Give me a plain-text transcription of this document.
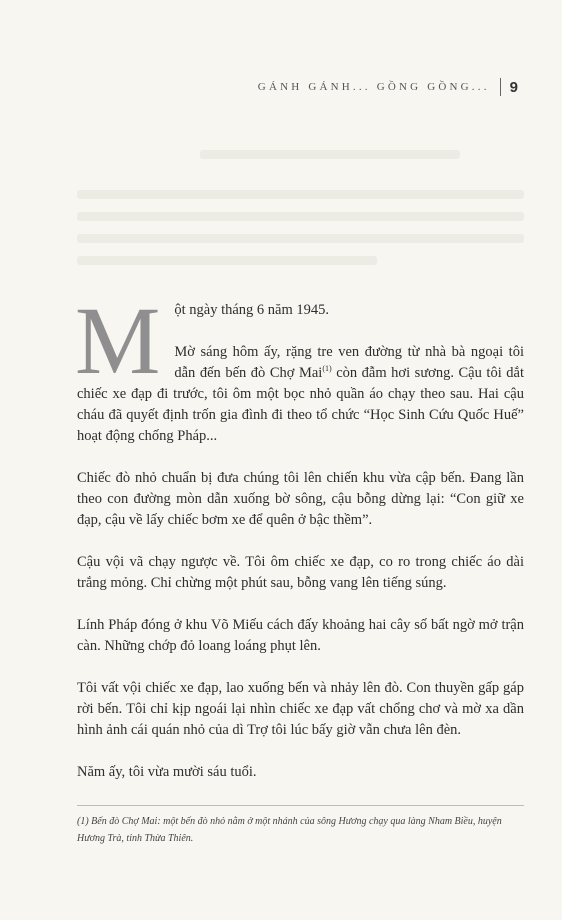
GÁNH GÁNH... GỒNG GỒNG... 9
M ột ngày tháng 6 năm 1945.

Mờ sáng hôm ấy, rặng tre ven đường từ nhà bà ngoại tôi dẫn đến bến đò Chợ Mai$^{(1)}$ còn đẫm hơi sương. Cậu tôi dắt chiếc xe đạp đi trước, tôi ôm một bọc nhỏ quần áo chạy theo sau. Hai cậu cháu đã quyết định trốn gia đình đi theo tổ chức “Học Sinh Cứu Quốc Huế” hoạt động chống Pháp...

Chiếc đò nhỏ chuẩn bị đưa chúng tôi lên chiến khu vừa cập bến. Đang lần theo con đường mòn dẫn xuống bờ sông, cậu bỗng dừng lại: “Con giữ xe đạp, cậu về lấy chiếc bơm xe để quên ở bậc thềm”.

Cậu vội vã chạy ngược về. Tôi ôm chiếc xe đạp, co ro trong chiếc áo dài trắng mỏng. Chỉ chừng một phút sau, bỗng vang lên tiếng súng.

Lính Pháp đóng ở khu Võ Miếu cách đấy khoảng hai cây số bất ngờ mở trận càn. Những chớp đỏ loang loáng phụt lên.

Tôi vất vội chiếc xe đạp, lao xuống bến và nhảy lên đò. Con thuyền gấp gáp rời bến. Tôi chỉ kịp ngoái lại nhìn chiếc xe đạp vất chổng chơ và mờ xa dần hình ảnh cái quán nhỏ của dì Trợ tôi lúc bấy giờ vẫn chưa lên đèn.

Năm ấy, tôi vừa mười sáu tuổi.

(1) Bến đò Chợ Mai: một bến đò nhỏ nằm ở một nhánh của sông Hương chạy qua làng Nham Biều, huyện Hương Trà, tỉnh Thừa Thiên.
